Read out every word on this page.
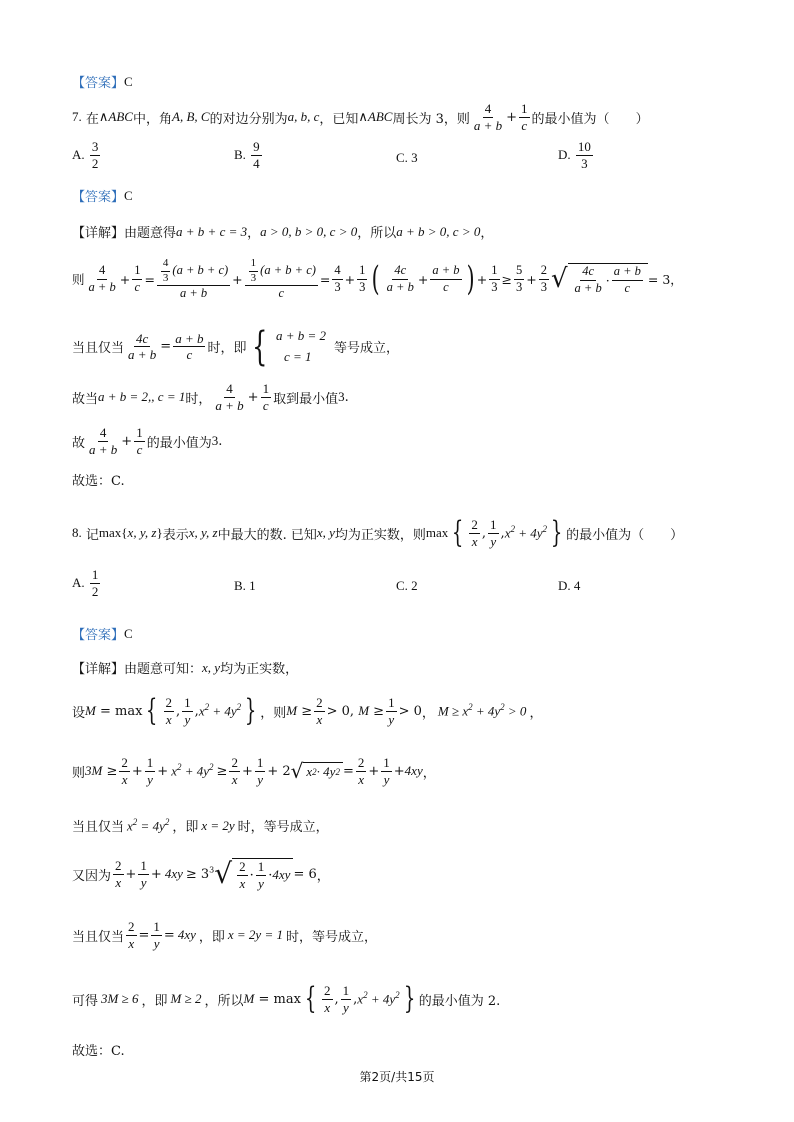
【答案】 C
7.
在 ∧ ABC 中，角 A, B, C 的对边分别为 a, b, c ，已知 ∧ ABC 周长为 3，则 $\frac{4}{a + b} + \frac{1}{c}$ 的最小值为（ ）
A.
$\frac{3}{2}$	B.
$\frac{9}{4}$	C. 3	D.
$\frac{10}{3}$
【答案】 C
【详解】 由题意得 a + b + c = 3 ， a > 0, b > 0, c > 0 ，所以 a + b > 0, c > 0 ，
则 $\frac{4}{a + b} + \frac{1}{c} = \frac{\frac{4}{3} (a + b + c)}{a + b} + \frac{\frac{1}{3} (a + b + c)}{c} = \frac{4}{3} + \frac{1}{3}$ ( $\frac{4c}{a + b} + \frac{a + b}{c}$ ) + $\frac{1}{3} \ge \frac{5}{3} + \frac{2}{3}$ √ $\frac{4c}{a + b} \cdot \frac{a + b}{c} = 3$，
当且仅当 $\frac{4c}{a + b} = \frac{a + b}{c}$ 时，即 { a + b = 2
c = 1	等号成立，
故当 a + b = 2,, c = 1 时， $\frac{4}{a + b} + \frac{1}{c}$ 取到最小值 3 .
故 $\frac{4}{a + b} + \frac{1}{c}$ 的最小值为 3 .
故选：C.
8.
记 max { x, y, z } 表示 x, y, z 中最大的数. 已知 x, y 均为正实数，则 max { $\frac{2}{x}$ , $\frac{1}{y}$ , $x^2 + 4y^2$ } 的最小值为（ ）
A.
$\frac{1}{2}$	B. 1	C. 2	D. 4
【答案】 C
【详解】 由题意可知： x, y 均为正实数，
设 M = max { $\frac{2}{x}$ , $\frac{1}{y}$ , $x^2 + 4y^2$ } ，则 $M \ge \frac{2}{x} > 0$, $M \ge \frac{1}{y} > 0$ ， $M \ge x^2 + 4y^2 > 0$ ，
则 $3M \ge \frac{2}{x} + \frac{1}{y} + x^2 + 4y^2 \ge \frac{2}{x} + \frac{1}{y} + 2$ √ x 2 · 4y $2 = \frac{2}{x} + \frac{1}{y} + 4xy$ ，
当且仅当 $x^2 = 4y^2$ ，即 x = 2y 时，等号成立，
又因为 $\frac{2}{x} + \frac{1}{y} + 4xy \ge 3$ $^3√ \frac{2}{x} \cdot \frac{1}{y} \cdot 4xy = 6$ ，
当且仅当 $\frac{2}{x} = \frac{1}{y} = 4xy$ ，即 x = 2y = 1 时，等号成立，
可得 3M ≥ 6 ，即 M ≥ 2 ，所以 M = max { $\frac{2}{x}$ , $\frac{1}{y}$ , $x^2 + 4y^2$ } 的最小值为 2.
故选：C.
第2页/共15页
